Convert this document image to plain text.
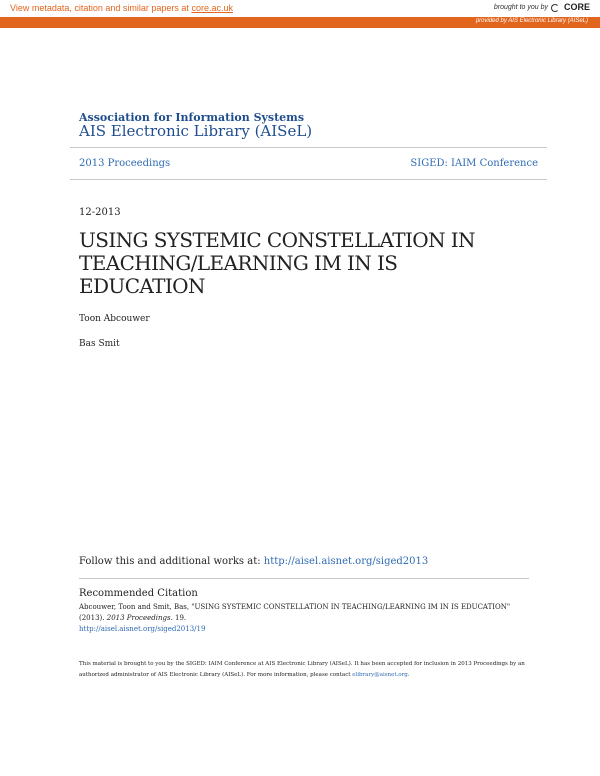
View metadata, citation and similar papers at core.ac.uk	brought to you by CORE
provided by AIS Electronic Library (AISeL)
Association for Information Systems
AIS Electronic Library (AISeL)
2013 Proceedings	SIGED: IAIM Conference
12-2013
USING SYSTEMIC CONSTELLATION IN TEACHING/LEARNING IM IN IS EDUCATION
Toon Abcouwer
Bas Smit
Follow this and additional works at: http://aisel.aisnet.org/siged2013
Recommended Citation
Abcouwer, Toon and Smit, Bas, "USING SYSTEMIC CONSTELLATION IN TEACHING/LEARNING IM IN IS EDUCATION" (2013). 2013 Proceedings. 19.
http://aisel.aisnet.org/siged2013/19
This material is brought to you by the SIGED: IAIM Conference at AIS Electronic Library (AISeL). It has been accepted for inclusion in 2013 Proceedings by an authorized administrator of AIS Electronic Library (AISeL). For more information, please contact elibrary@aisnet.org.
